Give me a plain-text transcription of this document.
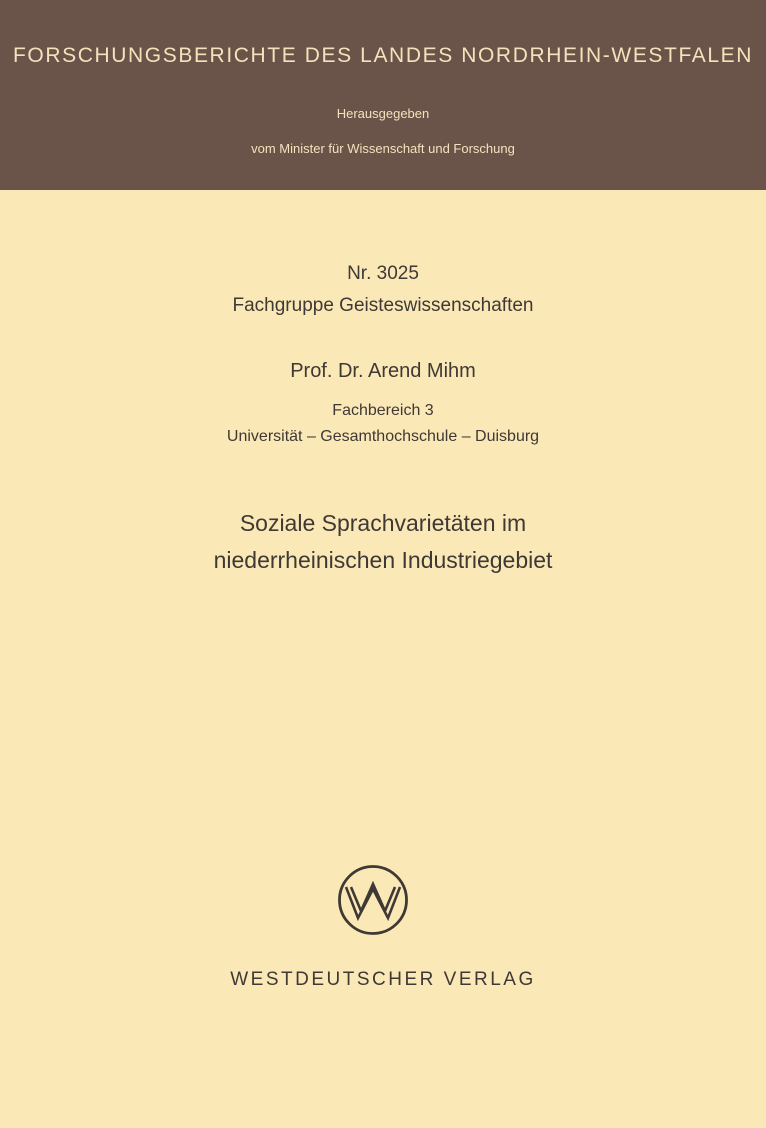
FORSCHUNGSBERICHTE DES LANDES NORDRHEIN-WESTFALEN
Herausgegeben
vom Minister für Wissenschaft und Forschung
Nr. 3025
Fachgruppe Geisteswissenschaften
Prof. Dr. Arend Mihm
Fachbereich 3
Universität – Gesamthochschule – Duisburg
Soziale Sprachvarietäten im
niederrheinischen Industriegebiet
WESTDEUTSCHER VERLAG
